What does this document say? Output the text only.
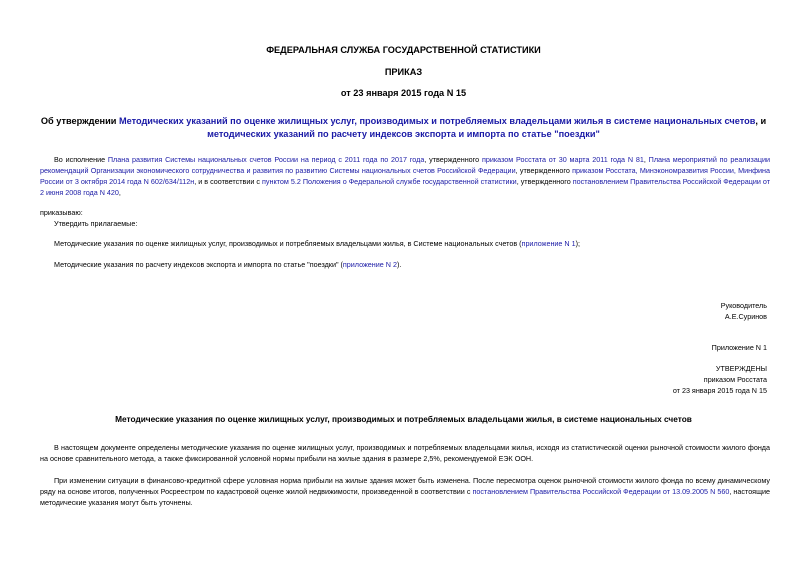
ФЕДЕРАЛЬНАЯ СЛУЖБА ГОСУДАРСТВЕННОЙ СТАТИСТИКИ
ПРИКАЗ
от 23 января 2015 года N 15
Об утверждении Методических указаний по оценке жилищных услуг, производимых и потребляемых владельцами жилья в системе национальных счетов, и методических указаний по расчету индексов экспорта и импорта по статье "поездки"
Во исполнение Плана развития Системы национальных счетов России на период с 2011 года по 2017 года, утвержденного приказом Росстата от 30 марта 2011 года N 81, Плана мероприятий по реализации рекомендаций Организации экономического сотрудничества и развития по развитию Системы национальных счетов Российской Федерации, утвержденного приказом Росстата, Минэкономразвития России, Минфина России от 3 октября 2014 года N 602/634/112н, и в соответствии с пунктом 5.2 Положения о Федеральной службе государственной статистики, утвержденного постановлением Правительства Российской Федерации от 2 июня 2008 года N 420,
приказываю:
Утвердить прилагаемые:
Методические указания по оценке жилищных услуг, производимых и потребляемых владельцами жилья, в Системе национальных счетов (приложение N 1);
Методические указания по расчету индексов экспорта и импорта по статье "поездки" (приложение N 2).
Руководитель
А.Е.Суринов
Приложение N 1
УТВЕРЖДЕНЫ
приказом Росстата
от 23 января 2015 года N 15
Методические указания по оценке жилищных услуг, производимых и потребляемых владельцами жилья, в системе национальных счетов
В настоящем документе определены методические указания по оценке жилищных услуг, производимых и потребляемых владельцами жилья, исходя из статистической оценки рыночной стоимости жилого фонда на основе сравнительного метода, а также фиксированной условной нормы прибыли на жилые здания в размере 2,5%, рекомендуемой ЕЭК ООН.
При изменении ситуации в финансово-кредитной сфере условная норма прибыли на жилые здания может быть изменена. После пересмотра оценок рыночной стоимости жилого фонда по всему динамическому ряду на основе итогов, полученных Росреестром по кадастровой оценке жилой недвижимости, произведенной в соответствии с постановлением Правительства Российской Федерации от 13.09.2005 N 560, настоящие методические указания могут быть уточнены.
